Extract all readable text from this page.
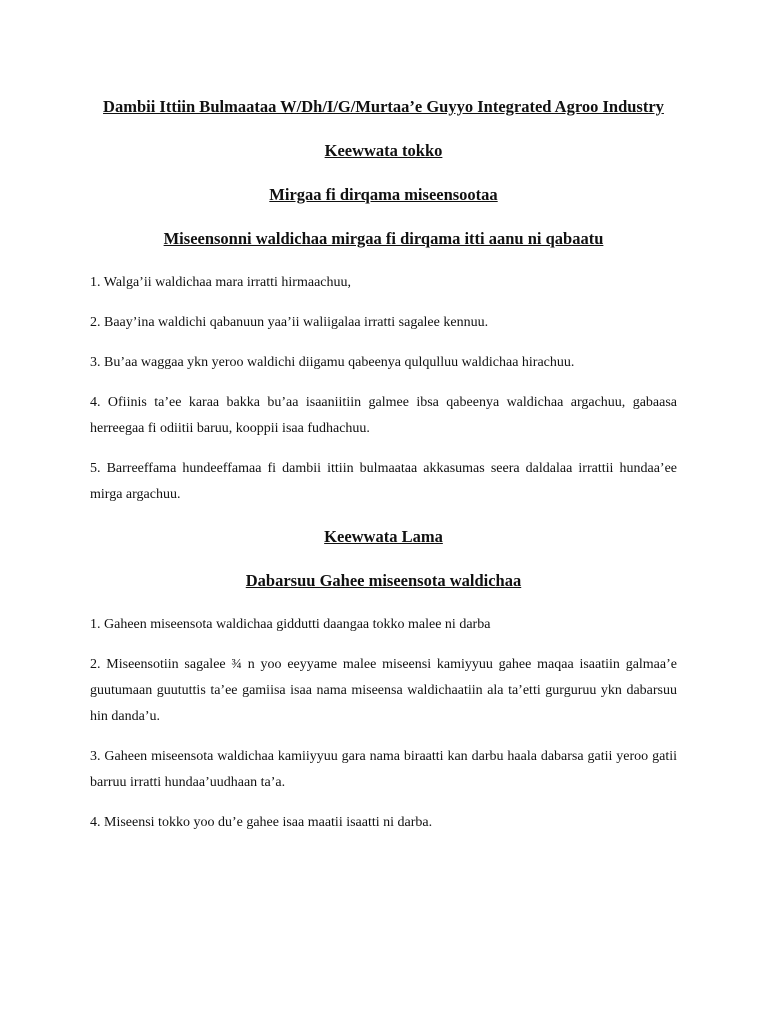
Dambii Ittiin Bulmaataa W/Dh/I/G/Murtaa’e Guyyo Integrated Agroo Industry

Keewwata tokko

Mirgaa fi dirqama miseensootaa

Miseensonni waldichaa mirgaa fi dirqama itti aanu ni qabaatu

1. Walga’ii waldichaa mara irratti hirmaachuu,

2. Baay’ina waldichi qabanuun yaa’ii waliigalaa irratti sagalee kennuu.

3. Bu’aa waggaa ykn yeroo waldichi diigamu qabeenya qulqulluu waldichaa hirachuu.

4. Ofiinis ta’ee karaa bakka bu’aa isaaniitiin galmee ibsa qabeenya waldichaa argachuu, gabaasa herreegaa fi odiitii baruu, kooppii isaa fudhachuu.

5. Barreeffama hundeeffamaa fi dambii ittiin bulmaataa akkasumas seera daldalaa irrattii hundaa’ee mirga argachuu.

Keewwata Lama

Dabarsuu Gahee miseensota waldichaa

1. Gaheen miseensota waldichaa giddutti daangaa tokko malee ni darba

2. Miseensotiin sagalee ¾ n yoo eeyyame malee miseensi kamiyyuu gahee maqaa isaatiin galmaa’e guutumaan guututtis ta’ee gamiisa isaa nama miseensa waldichaatiin ala ta’etti gurguruu ykn dabarsuu hin danda’u.

3. Gaheen miseensota waldichaa kamiiyyuu gara nama biraatti kan darbu haala dabarsa gatii yeroo gatii barruu irratti hundaa’uudhaan ta’a.

4. Miseensi tokko yoo du’e gahee isaa maatii isaatti ni darba.
